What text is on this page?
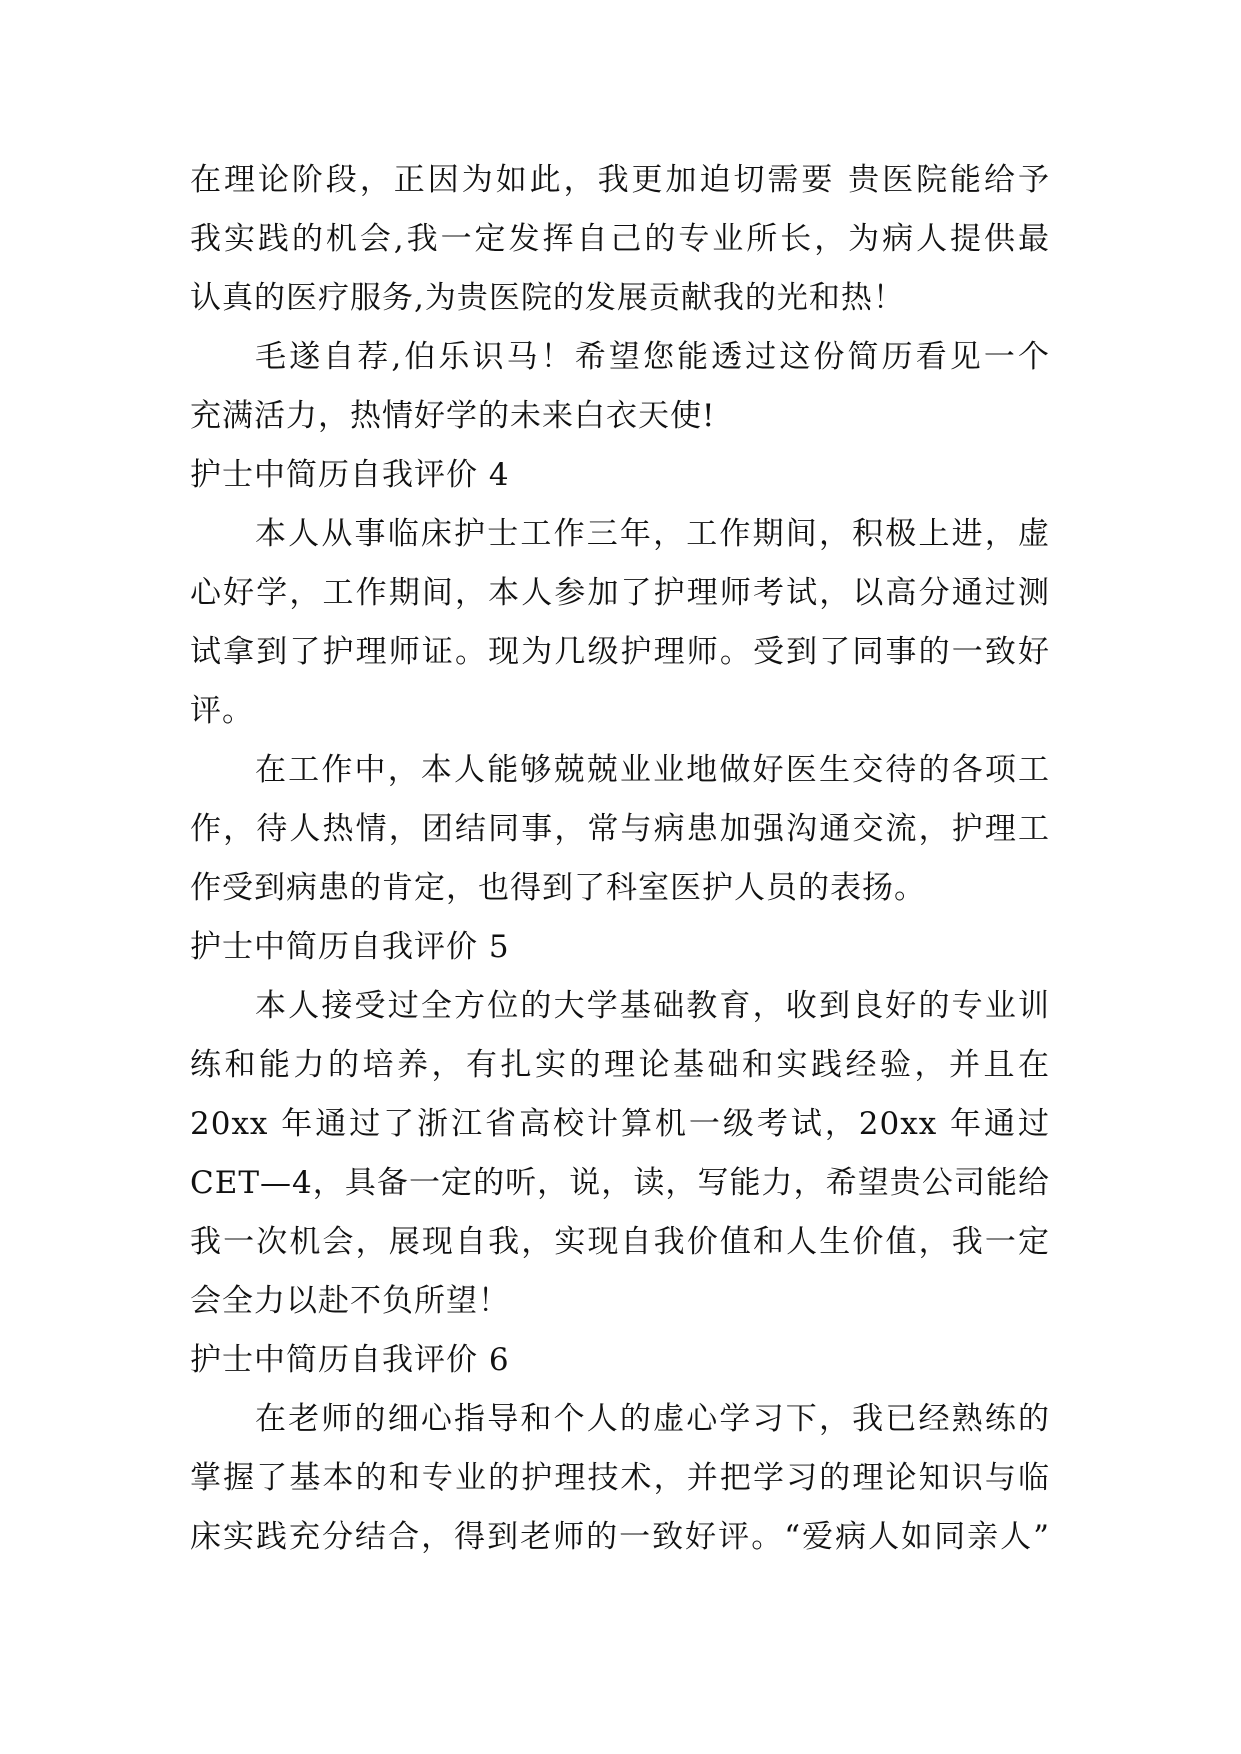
在理论阶段，正因为如此，我更加迫切需要 贵医院能给予
我实践的机会,我一定发挥自己的专业所长，为病人提供最
认真的医疗服务,为贵医院的发展贡献我的光和热！
毛遂自荐,伯乐识马！希望您能透过这份简历看见一个
充满活力，热情好学的未来白衣天使!
护士中简历自我评价 4
本人从事临床护士工作三年，工作期间，积极上进，虚
心好学，工作期间，本人参加了护理师考试，以高分通过测
试拿到了护理师证。现为几级护理师。受到了同事的一致好
评。
在工作中，本人能够兢兢业业地做好医生交待的各项工
作，待人热情，团结同事，常与病患加强沟通交流，护理工
作受到病患的肯定，也得到了科室医护人员的表扬。
护士中简历自我评价 5
本人接受过全方位的大学基础教育，收到良好的专业训
练和能力的培养，有扎实的理论基础和实践经验，并且在
20xx 年通过了浙江省高校计算机一级考试，20xx 年通过
CET—4，具备一定的听，说，读，写能力，希望贵公司能给
我一次机会，展现自我，实现自我价值和人生价值，我一定
会全力以赴不负所望！
护士中简历自我评价 6
在老师的细心指导和个人的虚心学习下，我已经熟练的
掌握了基本的和专业的护理技术，并把学习的理论知识与临
床实践充分结合，得到老师的一致好评。“爱病人如同亲人”
